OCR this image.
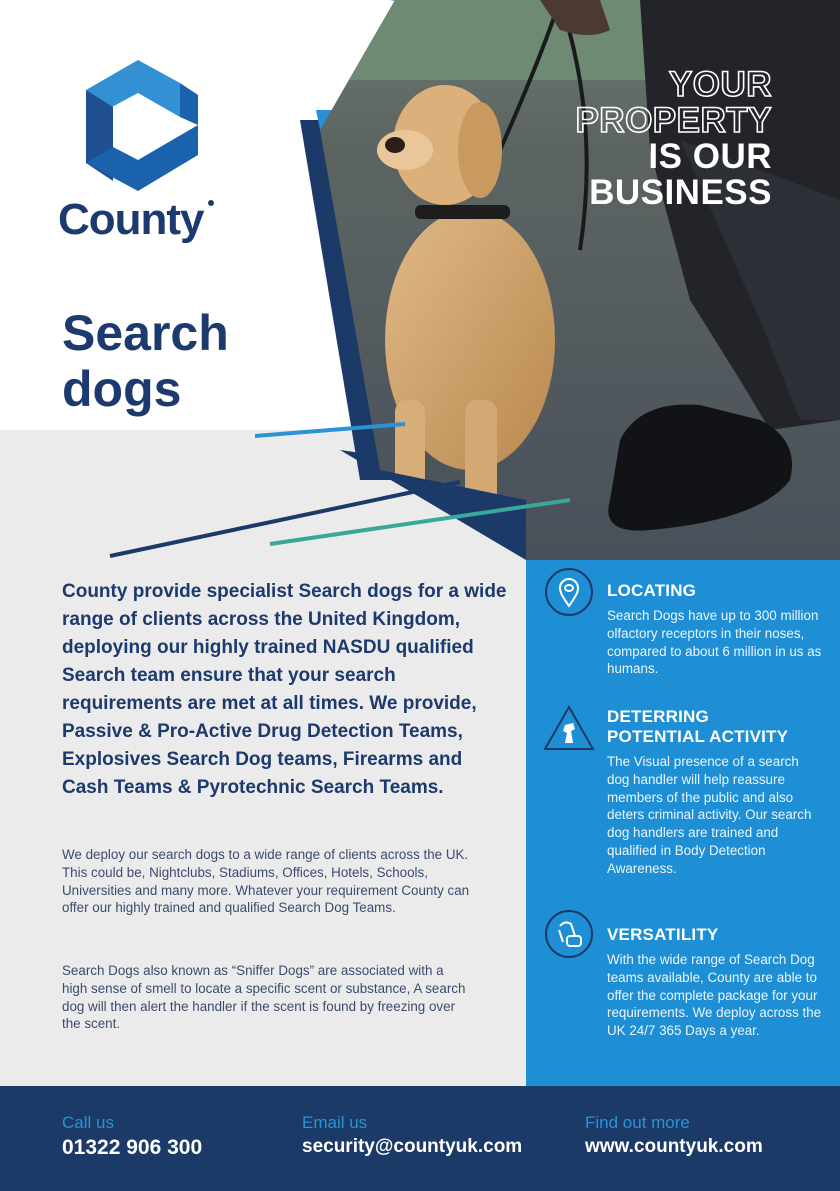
County
Search
dogs
YOUR
PROPERTY
IS OUR
BUSINESS
County provide specialist Search dogs for a wide range of clients across the United Kingdom, deploying our highly trained NASDU qualified Search team ensure that your search requirements are met at all times. We provide, Passive & Pro-Active Drug Detection Teams, Explosives Search Dog teams, Firearms and Cash Teams & Pyrotechnic Search Teams.
We deploy our search dogs to a wide range of clients across the UK. This could be, Nightclubs, Stadiums, Offices, Hotels, Schools, Universities and many more. Whatever your requirement County can offer our highly trained and qualified Search Dog Teams.
Search Dogs also known as “Sniffer Dogs” are associated with a high sense of smell to locate a specific scent or substance, A search dog will then alert the handler if the scent is found by freezing over the scent.
LOCATING
Search Dogs have up to 300 million olfactory receptors in their noses, compared to about 6 million in us as humans.
DETERRING
POTENTIAL ACTIVITY
The Visual presence of a search dog handler will help reassure members of the public and also deters criminal activity. Our search dog handlers are trained and qualified in Body Detection Awareness.
VERSATILITY
With the wide range of Search Dog teams available, County are able to offer the complete package for your requirements. We deploy across the UK 24/7 365 Days a year.
Call us
01322 906 300
Email us
security@countyuk.com
Find out more
www.countyuk.com
